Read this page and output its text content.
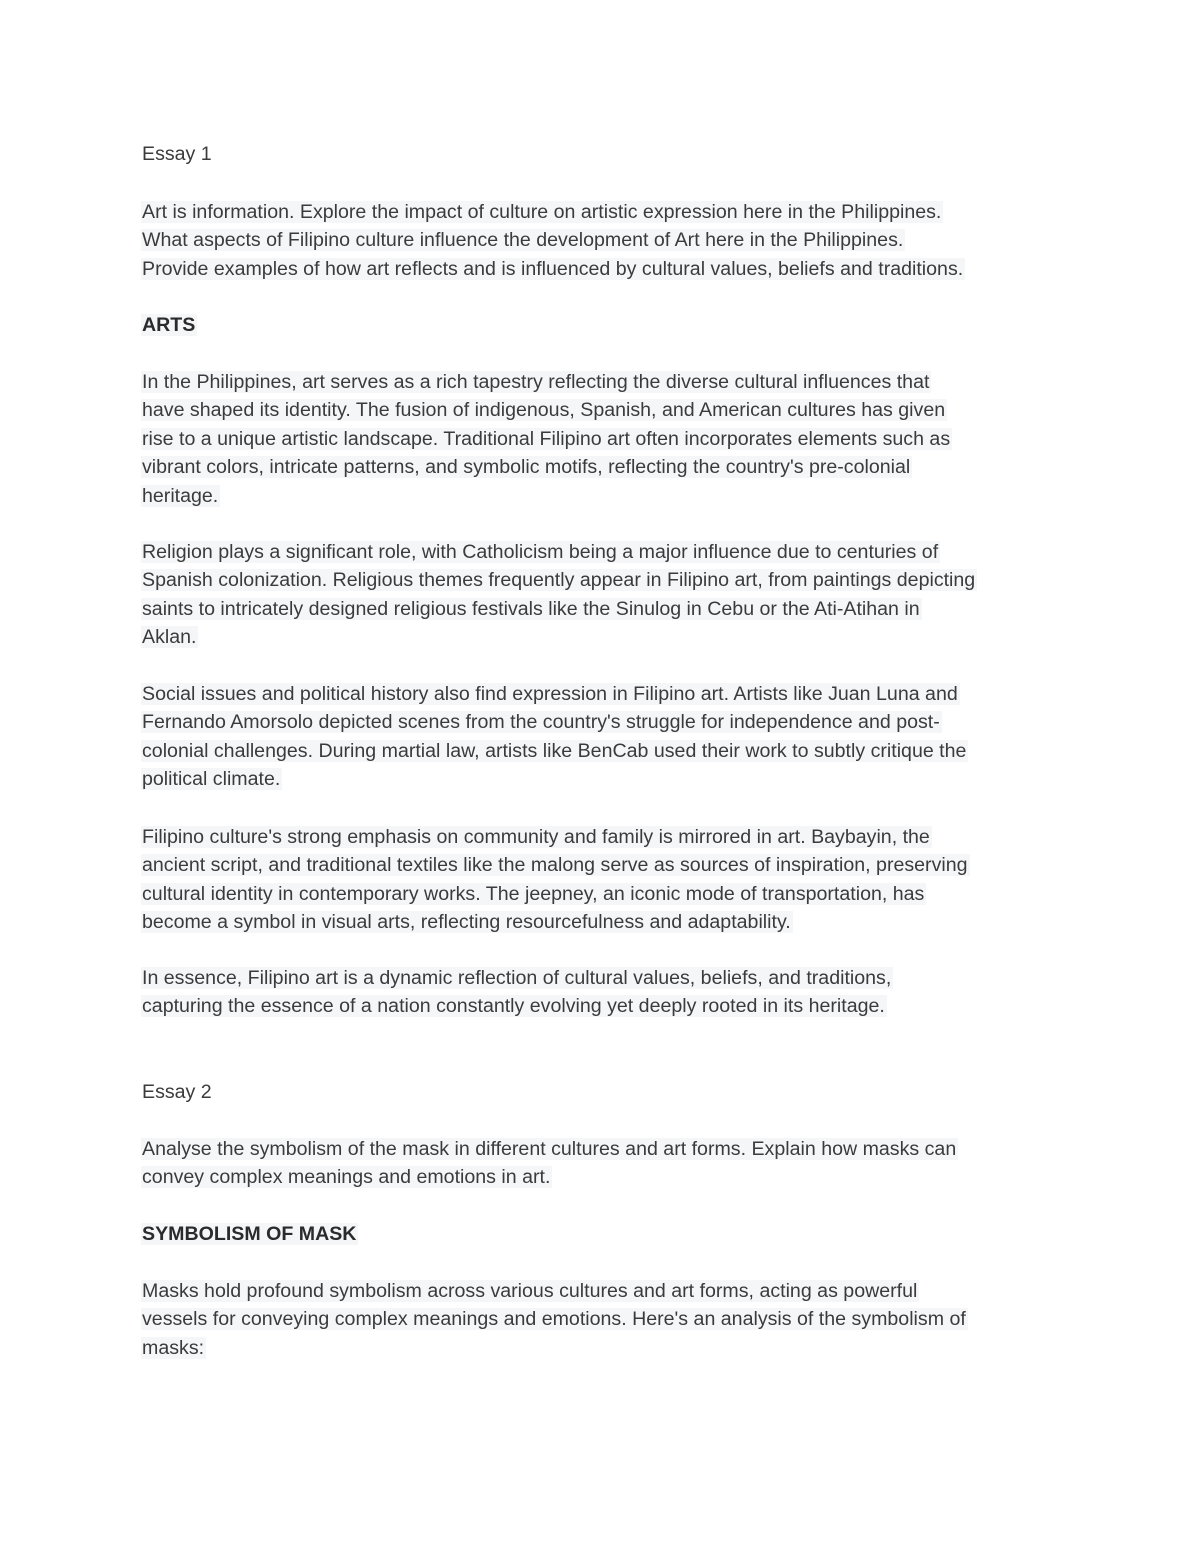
Essay 1
Art is information. Explore the impact of culture on artistic expression here in the Philippines.
What aspects of Filipino culture influence the development of Art here in the Philippines.
Provide examples of how art reflects and is influenced by cultural values, beliefs and traditions.
ARTS
In the Philippines, art serves as a rich tapestry reflecting the diverse cultural influences that
have shaped its identity. The fusion of indigenous, Spanish, and American cultures has given
rise to a unique artistic landscape. Traditional Filipino art often incorporates elements such as
vibrant colors, intricate patterns, and symbolic motifs, reflecting the country's pre-colonial
heritage.
Religion plays a significant role, with Catholicism being a major influence due to centuries of
Spanish colonization. Religious themes frequently appear in Filipino art, from paintings depicting
saints to intricately designed religious festivals like the Sinulog in Cebu or the Ati-Atihan in
Aklan.
Social issues and political history also find expression in Filipino art. Artists like Juan Luna and
Fernando Amorsolo depicted scenes from the country's struggle for independence and post-
colonial challenges. During martial law, artists like BenCab used their work to subtly critique the
political climate.
Filipino culture's strong emphasis on community and family is mirrored in art. Baybayin, the
ancient script, and traditional textiles like the malong serve as sources of inspiration, preserving
cultural identity in contemporary works. The jeepney, an iconic mode of transportation, has
become a symbol in visual arts, reflecting resourcefulness and adaptability.
In essence, Filipino art is a dynamic reflection of cultural values, beliefs, and traditions,
capturing the essence of a nation constantly evolving yet deeply rooted in its heritage.
Essay 2
Analyse the symbolism of the mask in different cultures and art forms. Explain how masks can
convey complex meanings and emotions in art.
SYMBOLISM OF MASK
Masks hold profound symbolism across various cultures and art forms, acting as powerful
vessels for conveying complex meanings and emotions. Here's an analysis of the symbolism of
masks:
